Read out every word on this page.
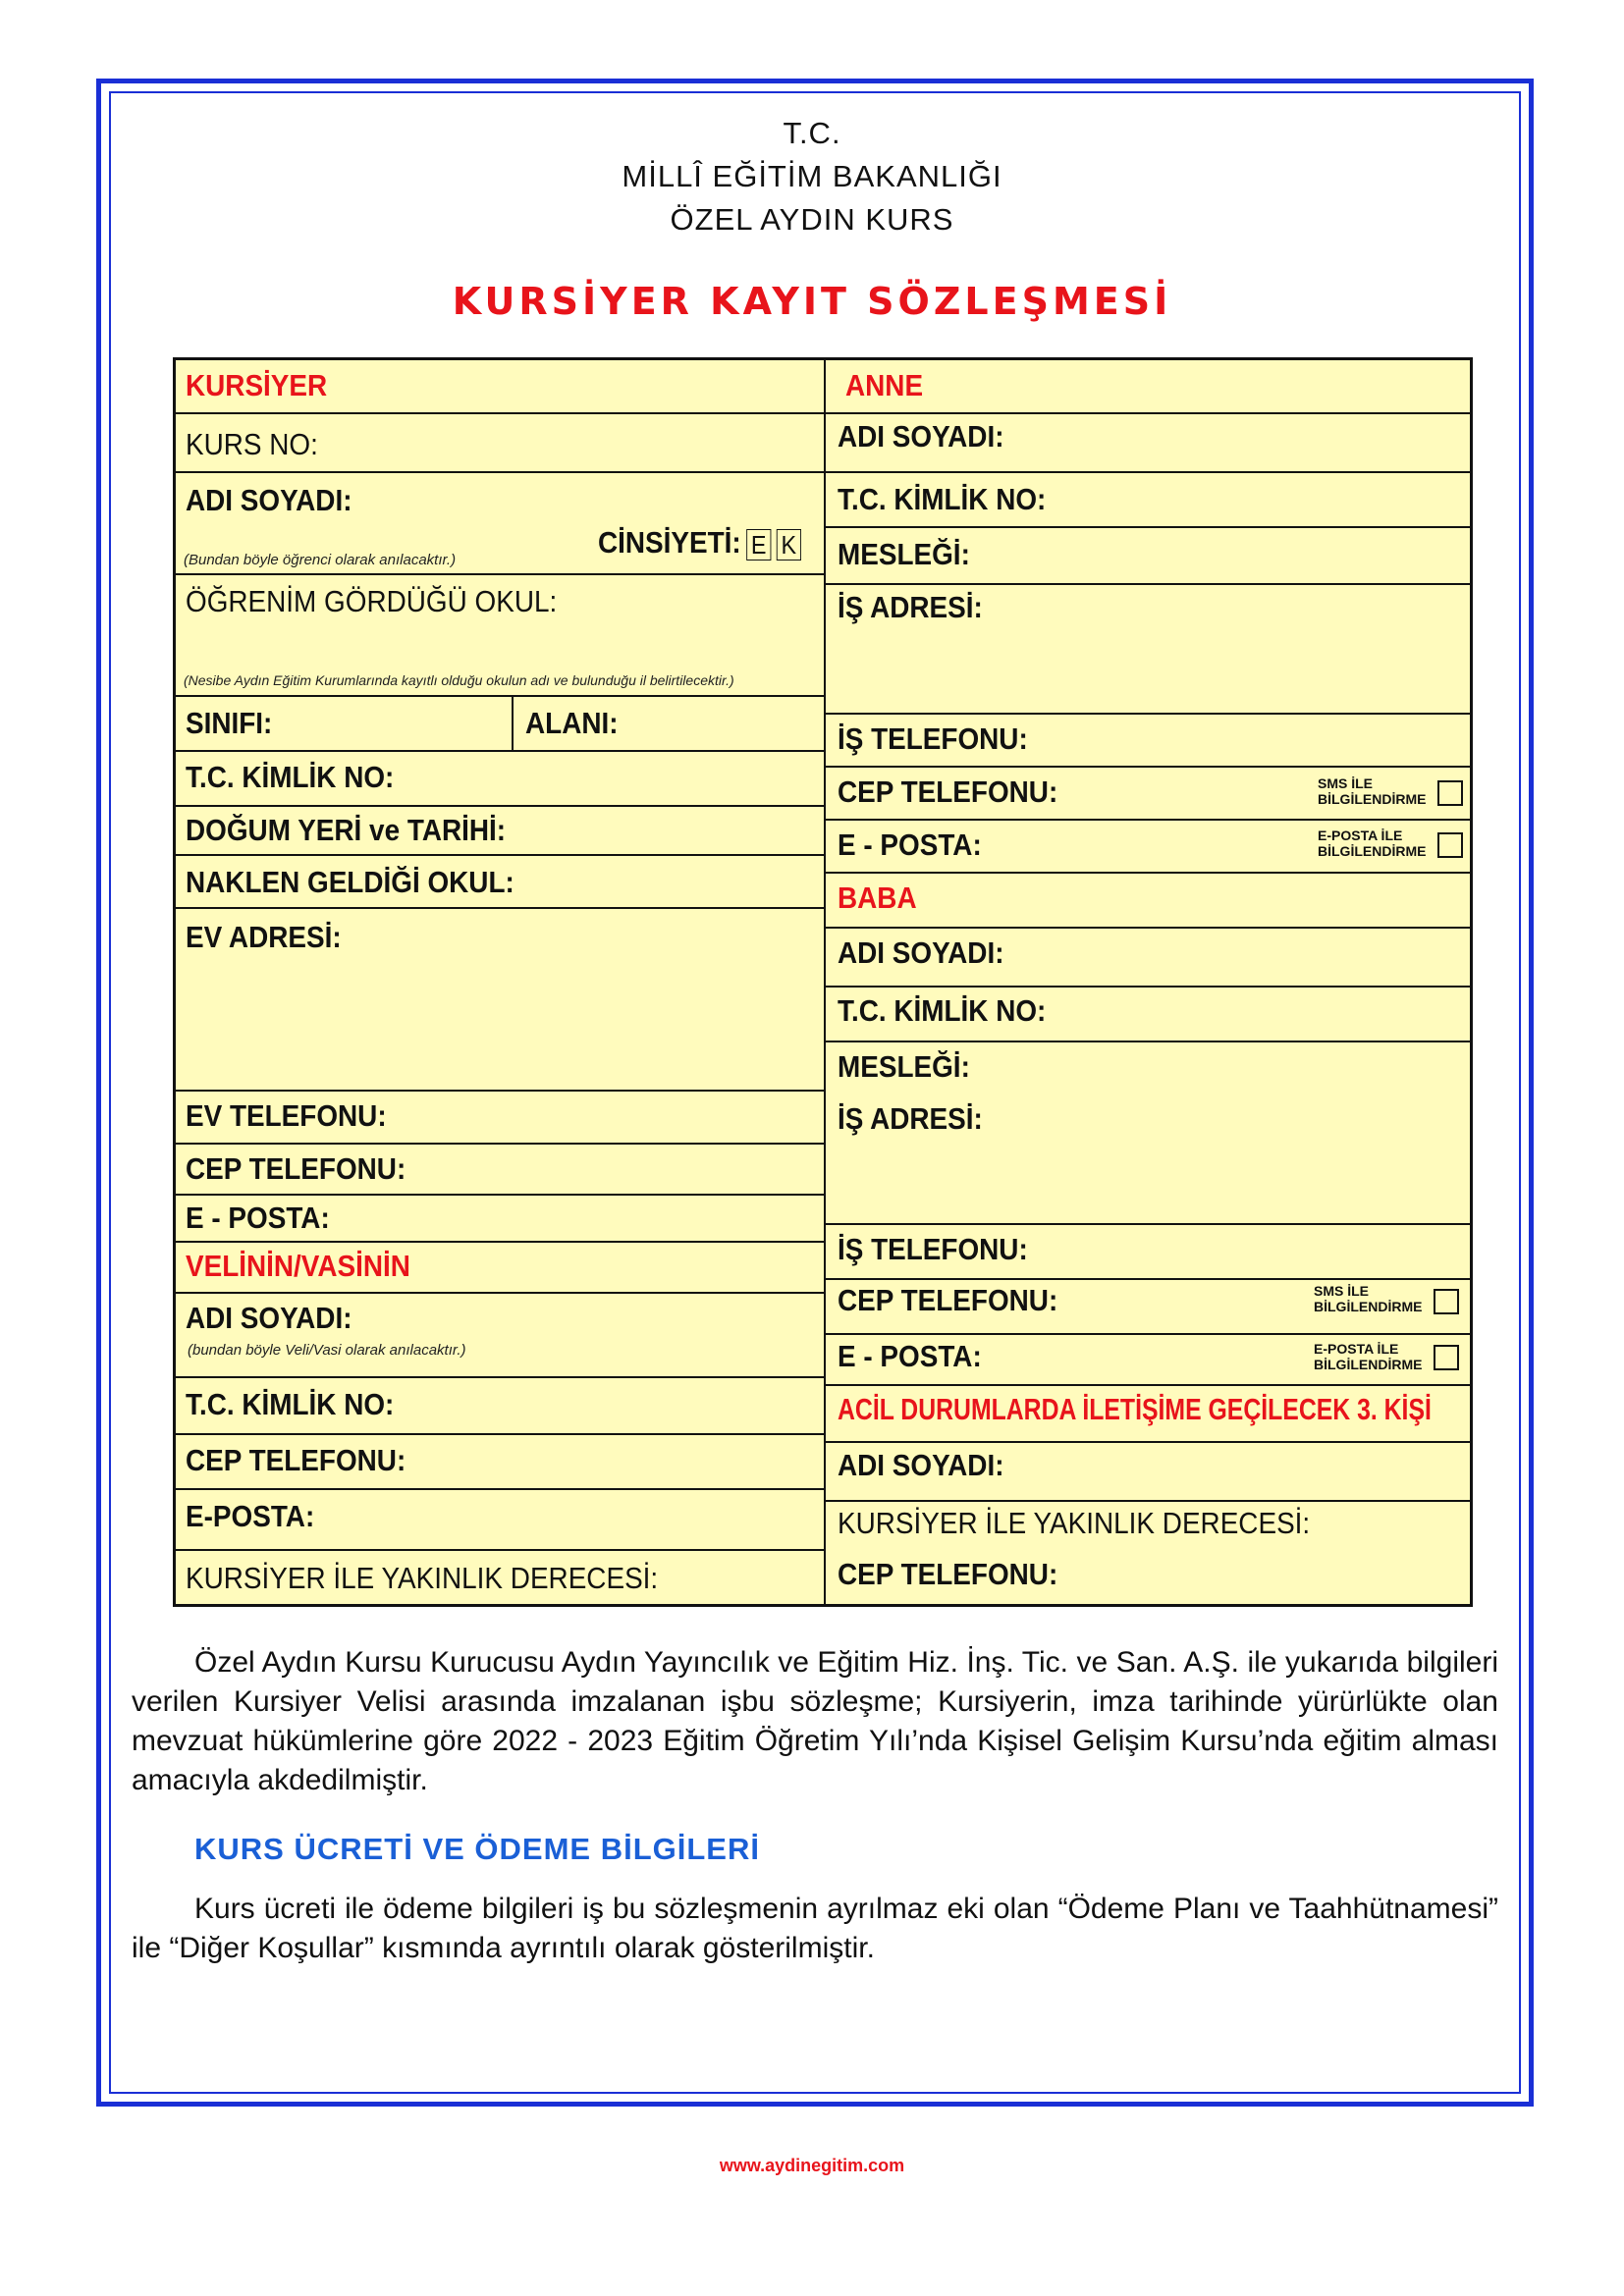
T.C.
MİLLÎ EĞİTİM BAKANLIĞI
ÖZEL AYDIN KURS
KURSİYER KAYIT SÖZLEŞMESİ
KURSİYER
KURS NO:
ADI SOYADI:
CİNSİYETİ: E K
(Bundan böyle öğrenci olarak anılacaktır.)
ÖĞRENİM GÖRDÜĞÜ OKUL:
(Nesibe Aydın Eğitim Kurumlarında kayıtlı olduğu okulun adı ve bulunduğu il belirtilecektir.)
SINIFI:	ALANI:
T.C. KİMLİK NO:
DOĞUM YERİ ve TARİHİ:
NAKLEN GELDİĞİ OKUL:
EV ADRESİ:
EV TELEFONU:
CEP TELEFONU:
E - POSTA:
VELİNİN/VASİNİN
ADI SOYADI:
(bundan böyle Veli/Vasi olarak anılacaktır.)
T.C. KİMLİK NO:
CEP TELEFONU:
E-POSTA:
KURSİYER İLE YAKINLIK DERECESİ:
ANNE
ADI SOYADI:
T.C. KİMLİK NO:
MESLEĞİ:
İŞ ADRESİ:
İŞ TELEFONU:
CEP TELEFONU:	SMS İLE
BİLGİLENDİRME
E - POSTA:	E-POSTA İLE
BİLGİLENDİRME
BABA
ADI SOYADI:
T.C. KİMLİK NO:
MESLEĞİ:
İŞ ADRESİ:
İŞ TELEFONU:
CEP TELEFONU:	SMS İLE
BİLGİLENDİRME
E - POSTA:	E-POSTA İLE
BİLGİLENDİRME
ACİL DURUMLARDA İLETİŞİME GEÇİLECEK 3. KİŞİ
ADI SOYADI:
KURSİYER İLE YAKINLIK DERECESİ:
CEP TELEFONU:
Özel Aydın Kursu Kurucusu Aydın Yayıncılık ve Eğitim Hiz. İnş. Tic. ve San. A.Ş. ile yukarıda bilgileri verilen Kursiyer Velisi arasında imzalanan işbu sözleşme; Kursiyerin, imza tarihinde yürürlükte olan mevzuat hükümlerine göre 2022 - 2023 Eğitim Öğretim Yılı’nda Kişisel Gelişim Kursu’nda eğitim alması amacıyla akdedilmiştir.
KURS ÜCRETİ VE ÖDEME BİLGİLERİ
Kurs ücreti ile ödeme bilgileri iş bu sözleşmenin ayrılmaz eki olan “Ödeme Planı ve Taahhütnamesi” ile “Diğer Koşullar” kısmında ayrıntılı olarak gösterilmiştir.
www.aydinegitim.com
